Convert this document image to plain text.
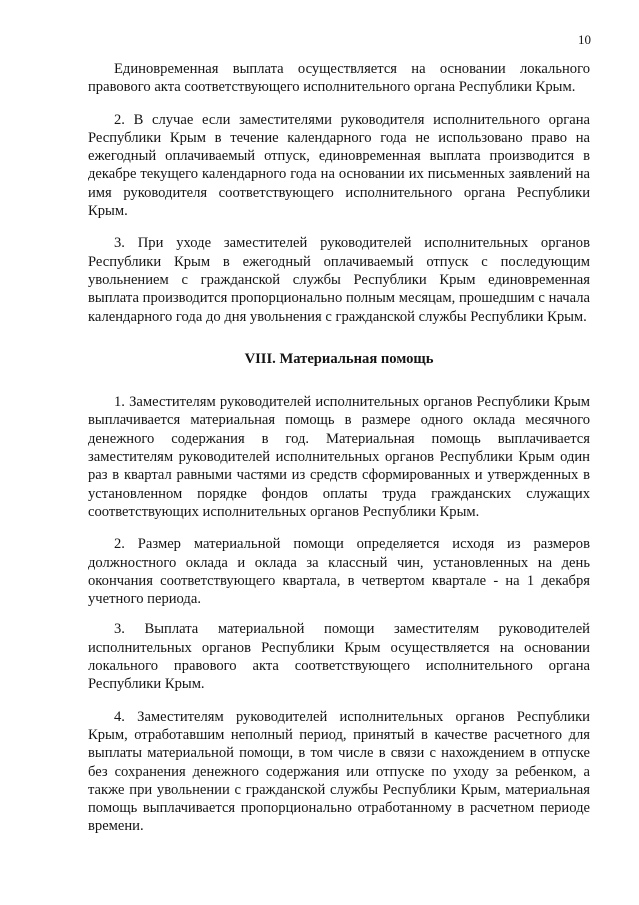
10

Единовременная выплата осуществляется на основании локального правового акта соответствующего исполнительного органа Республики Крым.

2. В случае если заместителями руководителя исполнительного органа Республики Крым в течение календарного года не использовано право на ежегодный оплачиваемый отпуск, единовременная выплата производится в декабре текущего календарного года на основании их письменных заявлений на имя руководителя соответствующего исполнительного органа Республики Крым.

3. При уходе заместителей руководителей исполнительных органов Республики Крым в ежегодный оплачиваемый отпуск с последующим увольнением с гражданской службы Республики Крым единовременная выплата производится пропорционально полным месяцам, прошедшим с начала календарного года до дня увольнения с гражданской службы Республики Крым.

VIII. Материальная помощь

1. Заместителям руководителей исполнительных органов Республики Крым выплачивается материальная помощь в размере одного оклада месячного денежного содержания в год. Материальная помощь выплачивается заместителям руководителей исполнительных органов Республики Крым один раз в квартал равными частями из средств сформированных и утвержденных в установленном порядке фондов оплаты труда гражданских служащих соответствующих исполнительных органов Республики Крым.

2. Размер материальной помощи определяется исходя из размеров должностного оклада и оклада за классный чин, установленных на день окончания соответствующего квартала, в четвертом квартале - на 1 декабря учетного периода.

3. Выплата материальной помощи заместителям руководителей исполнительных органов Республики Крым осуществляется на основании локального правового акта соответствующего исполнительного органа Республики Крым.

4. Заместителям руководителей исполнительных органов Республики Крым, отработавшим неполный период, принятый в качестве расчетного для выплаты материальной помощи, в том числе в связи с нахождением в отпуске без сохранения денежного содержания или отпуске по уходу за ребенком, а также при увольнении с гражданской службы Республики Крым, материальная помощь выплачивается пропорционально отработанному в расчетном периоде времени.
